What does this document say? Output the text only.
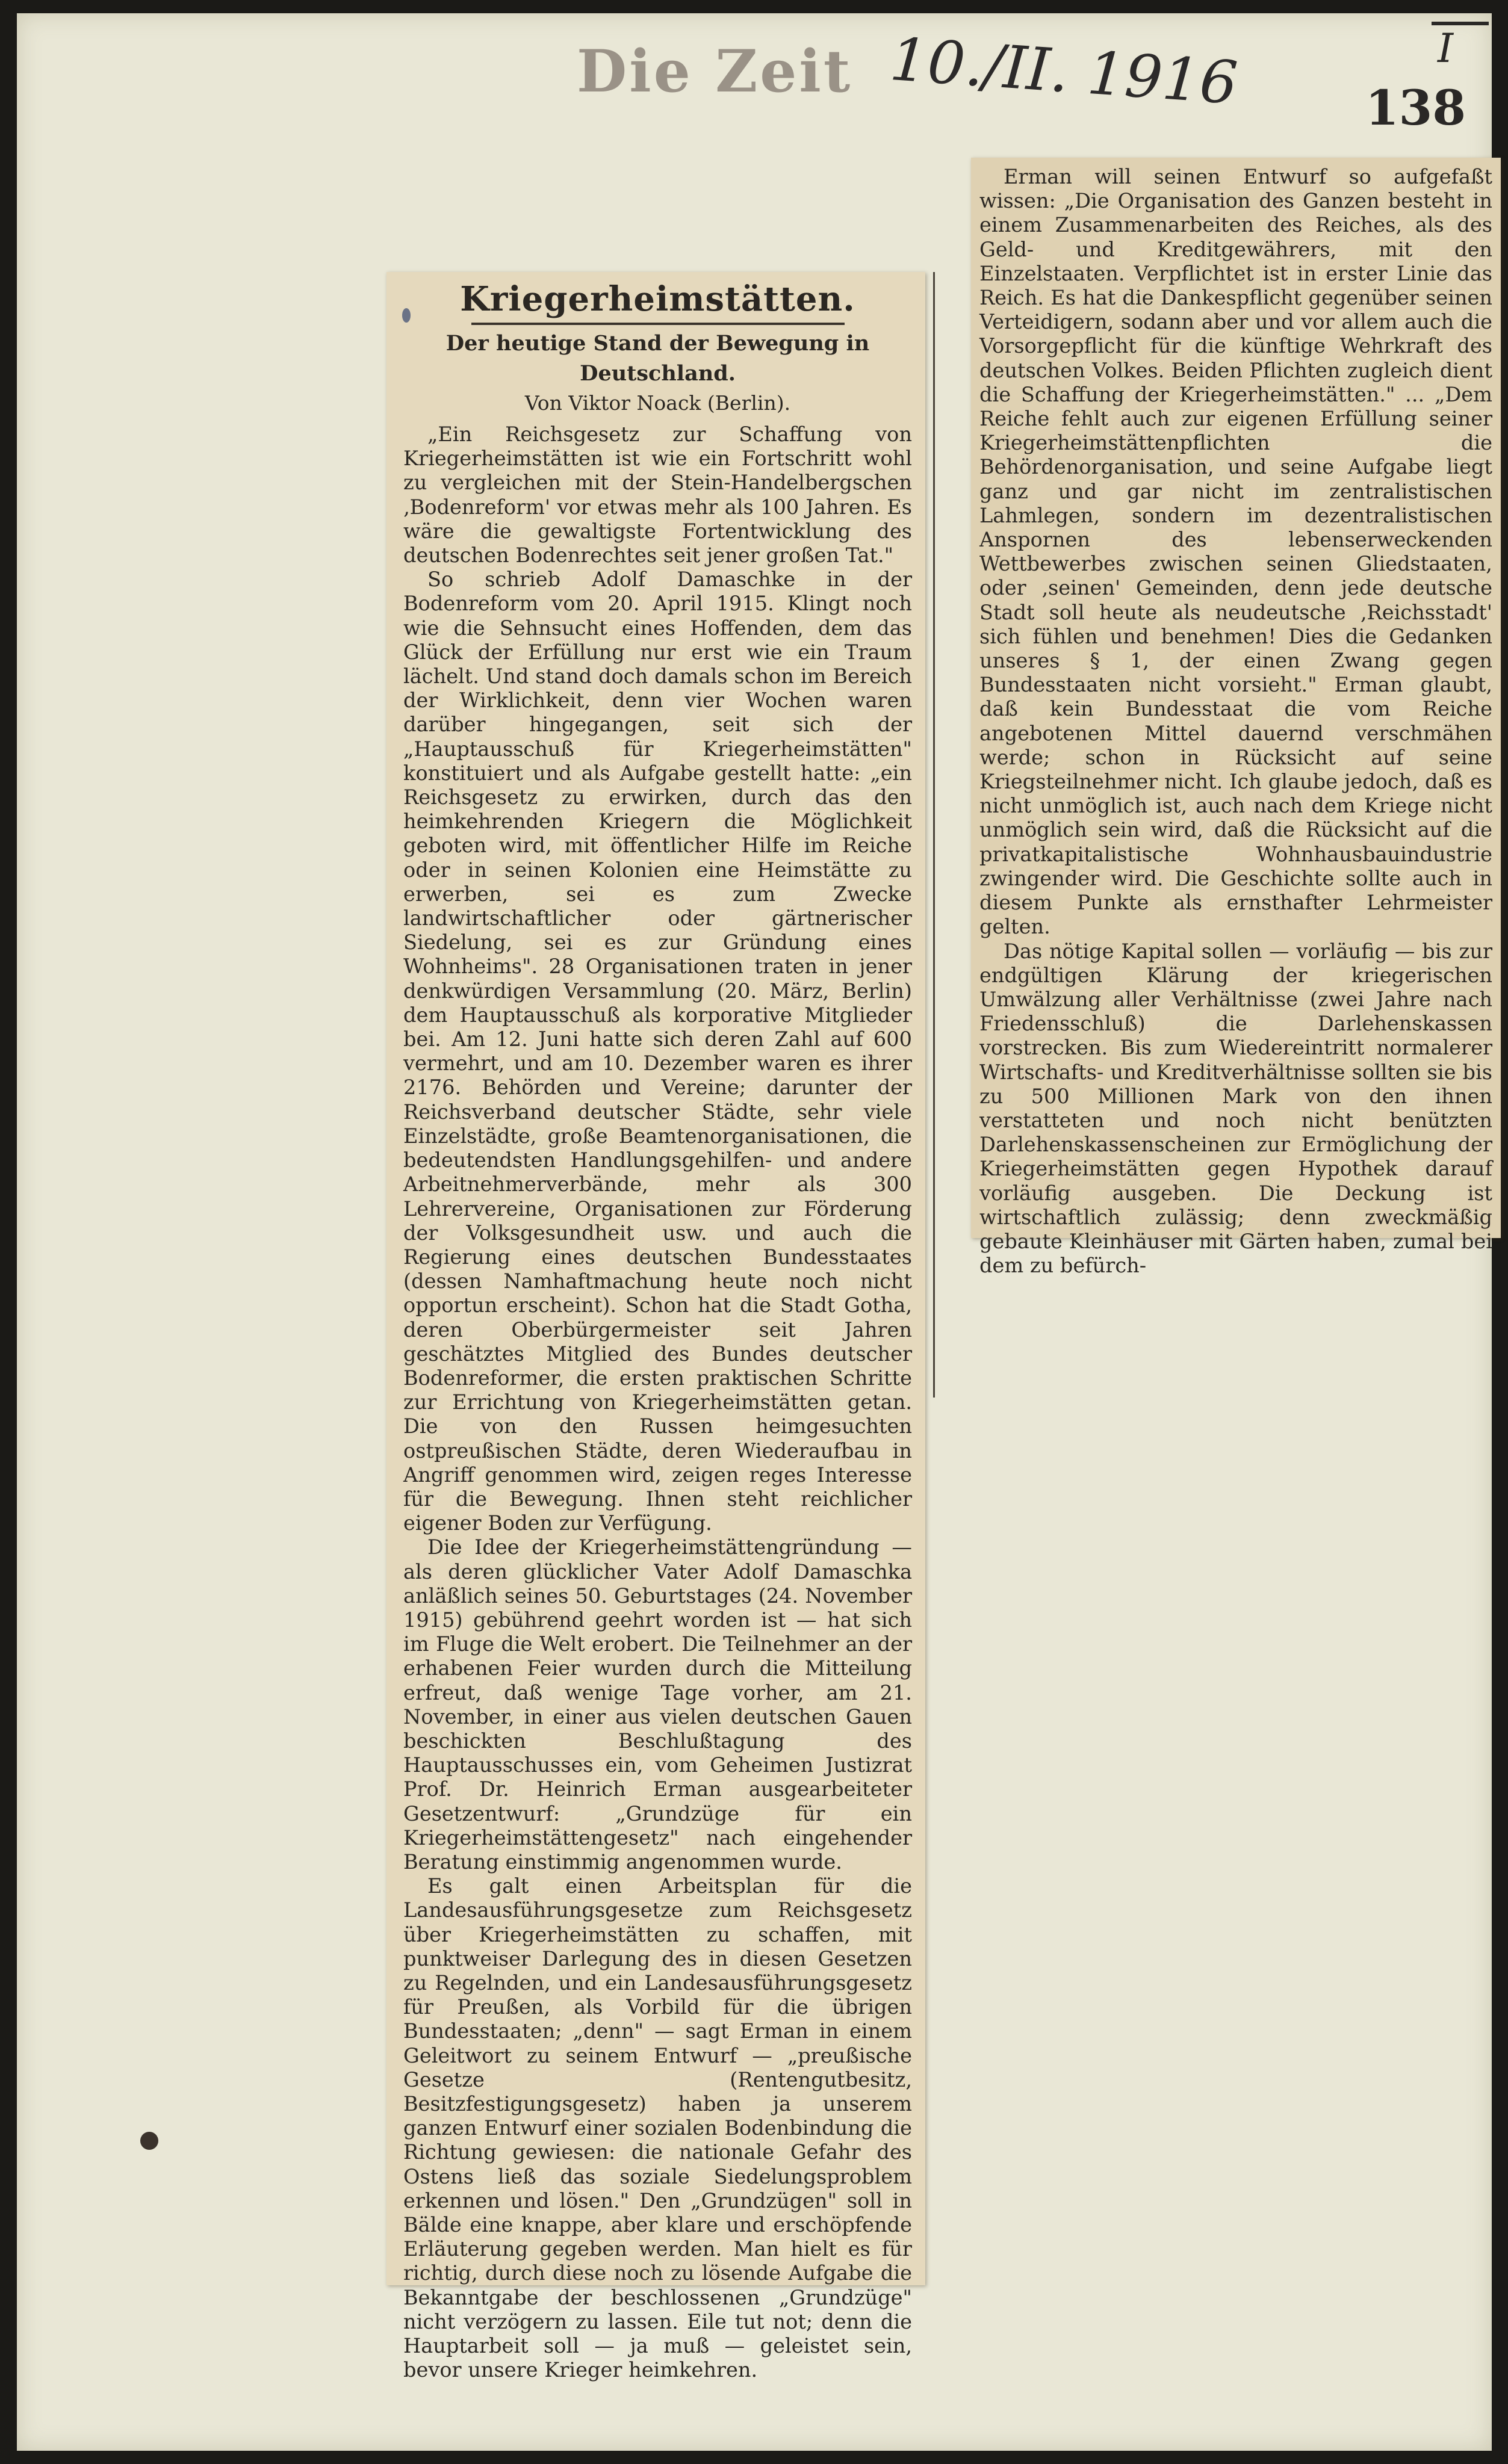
Die Zeit 10./II. 1916	138
I
Kriegerheimstätten.
Der heutige Stand der Bewegung in Deutschland.
Von Viktor Noack (Berlin).

„Ein Reichsgesetz zur Schaffung von Kriegerheimstätten ist wie ein Fortschritt wohl zu vergleichen mit der Stein-Handelbergschen ‚Bodenreform' vor etwas mehr als 100 Jahren. Es wäre die gewaltigste Fortentwicklung des deutschen Bodenrechtes seit jener großen Tat."

So schrieb Adolf Damaschke in der Bodenreform vom 20. April 1915. Klingt noch wie die Sehnsucht eines Hoffenden, dem das Glück der Erfüllung nur erst wie ein Traum lächelt. Und stand doch damals schon im Bereich der Wirklichkeit, denn vier Wochen waren darüber hingegangen, seit sich der „Hauptausschuß für Kriegerheimstätten" konstituiert und als Aufgabe gestellt hatte: „ein Reichsgesetz zu erwirken, durch das den heimkehrenden Kriegern die Möglichkeit geboten wird, mit öffentlicher Hilfe im Reiche oder in seinen Kolonien eine Heimstätte zu erwerben, sei es zum Zwecke landwirtschaftlicher oder gärtnerischer Siedelung, sei es zur Gründung eines Wohnheims". 28 Organisationen traten in jener denkwürdigen Versammlung (20. März, Berlin) dem Hauptausschuß als korporative Mitglieder bei. Am 12. Juni hatte sich deren Zahl auf 600 vermehrt, und am 10. Dezember waren es ihrer 2176. Behörden und Vereine; darunter der Reichsverband deutscher Städte, sehr viele Einzelstädte, große Beamtenorganisationen, die bedeutendsten Handlungsgehilfen- und andere Arbeitnehmerverbände, mehr als 300 Lehrervereine, Organisationen zur Förderung der Volksgesundheit usw. und auch die Regierung eines deutschen Bundesstaates (dessen Namhaftmachung heute noch nicht opportun erscheint). Schon hat die Stadt Gotha, deren Oberbürgermeister seit Jahren geschätztes Mitglied des Bundes deutscher Bodenreformer, die ersten praktischen Schritte zur Errichtung von Kriegerheimstätten getan. Die von den Russen heimgesuchten ostpreußischen Städte, deren Wiederaufbau in Angriff genommen wird, zeigen reges Interesse für die Bewegung. Ihnen steht reichlicher eigener Boden zur Verfügung.

Die Idee der Kriegerheimstättengründung — als deren glücklicher Vater Adolf Damaschka anläßlich seines 50. Geburtstages (24. November 1915) gebührend geehrt worden ist — hat sich im Fluge die Welt erobert. Die Teilnehmer an der erhabenen Feier wurden durch die Mitteilung erfreut, daß wenige Tage vorher, am 21. November, in einer aus vielen deutschen Gauen beschickten Beschlußtagung des Hauptausschusses ein, vom Geheimen Justizrat Prof. Dr. Heinrich Erman ausgearbeiteter Gesetzentwurf: „Grundzüge für ein Kriegerheimstättengesetz" nach eingehender Beratung einstimmig angenommen wurde.

Es galt einen Arbeitsplan für die Landesausführungsgesetze zum Reichsgesetz über Kriegerheimstätten zu schaffen, mit punktweiser Darlegung des in diesen Gesetzen zu Regelnden, und ein Landesausführungsgesetz für Preußen, als Vorbild für die übrigen Bundesstaaten; „denn" — sagt Erman in einem Geleitwort zu seinem Entwurf — „preußische Gesetze (Rentengutbesitz, Besitzfestigungsgesetz) haben ja unserem ganzen Entwurf einer sozialen Bodenbindung die Richtung gewiesen: die nationale Gefahr des Ostens ließ das soziale Siedelungsproblem erkennen und lösen." Den „Grundzügen" soll in Bälde eine knappe, aber klare und erschöpfende Erläuterung gegeben werden. Man hielt es für richtig, durch diese noch zu lösende Aufgabe die Bekanntgabe der beschlossenen „Grundzüge" nicht verzögern zu lassen. Eile tut not; denn die Hauptarbeit soll — ja muß — geleistet sein, bevor unsere Krieger heimkehren.

Erman will seinen Entwurf so aufgefaßt wissen: „Die Organisation des Ganzen besteht in einem Zusammenarbeiten des Reiches, als des Geld- und Kreditgewährers, mit den Einzelstaaten. Verpflichtet ist in erster Linie das Reich. Es hat die Dankespflicht gegenüber seinen Verteidigern, sodann aber und vor allem auch die Vorsorgepflicht für die künftige Wehrkraft des deutschen Volkes. Beiden Pflichten zugleich dient die Schaffung der Kriegerheimstätten." ... „Dem Reiche fehlt auch zur eigenen Erfüllung seiner Kriegerheimstättenpflichten die Behördenorganisation, und seine Aufgabe liegt ganz und gar nicht im zentralistischen Lahmlegen, sondern im dezentralistischen Anspornen des lebenserweckenden Wettbewerbes zwischen seinen Gliedstaaten, oder ‚seinen' Gemeinden, denn jede deutsche Stadt soll heute als neudeutsche ‚Reichsstadt' sich fühlen und benehmen! Dies die Gedanken unseres § 1, der einen Zwang gegen Bundesstaaten nicht vorsieht." Erman glaubt, daß kein Bundesstaat die vom Reiche angebotenen Mittel dauernd verschmähen werde; schon in Rücksicht auf seine Kriegsteilnehmer nicht. Ich glaube jedoch, daß es nicht unmöglich ist, auch nach dem Kriege nicht unmöglich sein wird, daß die Rücksicht auf die privatkapitalistische Wohnhausbauindustrie zwingender wird. Die Geschichte sollte auch in diesem Punkte als ernsthafter Lehrmeister gelten.

Das nötige Kapital sollen — vorläufig — bis zur endgültigen Klärung der kriegerischen Umwälzung aller Verhältnisse (zwei Jahre nach Friedensschluß) die Darlehenskassen vorstrecken. Bis zum Wiedereintritt normalerer Wirtschafts- und Kreditverhältnisse sollten sie bis zu 500 Millionen Mark von den ihnen verstatteten und noch nicht benützten Darlehenskassenscheinen zur Ermöglichung der Kriegerheimstätten gegen Hypothek darauf vorläufig ausgeben. Die Deckung ist wirtschaftlich zulässig; denn zweckmäßig gebaute Kleinhäuser mit Gärten haben, zumal bei dem zu befürch-
